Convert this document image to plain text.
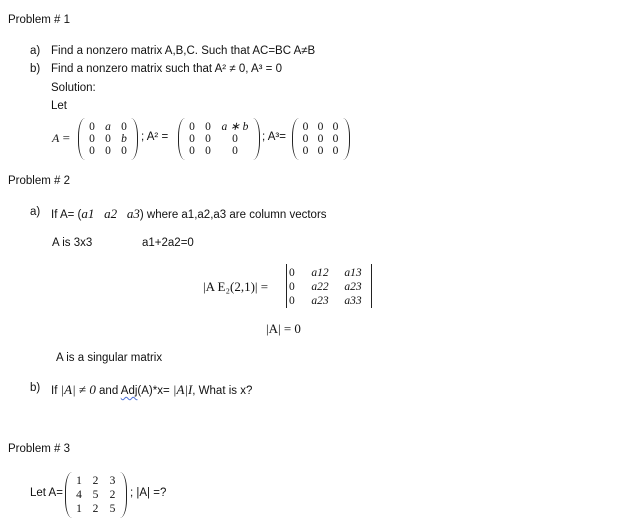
Problem # 1
a) Find a nonzero matrix A,B,C. Such that AC=BC A≠B
b) Find a nonzero matrix such that A² ≠ 0, A³ = 0
Solution:
Let
A =
0 a 0
0 0 b
0 0 0
; A² =
0 0 a ∗ b
0 0	0
0 0	0
; A³=
0 0 0
0 0 0
0 0 0
Problem # 2
a) If A= (a1   a2   a3) where a1,a2,a3 are column vectors
A is 3x3	a1+2a2=0
|A E₂(2,1)| =
0	a12	a13
0	a22	a23
0	a23	a33
|A| = 0
A is a singular matrix
b) If |A| ≠ 0 and Adj(A)*x= |A|I, What is x?
Problem # 3
Let A=
1 2 3
4 5 2
1 2 5
; |A| =?
